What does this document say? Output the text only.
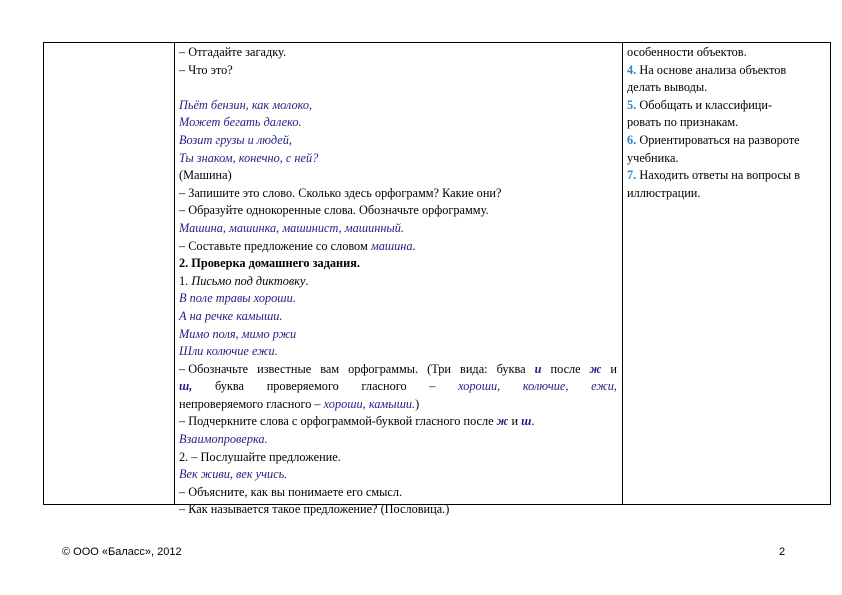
– Отгадайте загадку.
– Что это?
Пьёт бензин, как молоко,
Может бегать далеко.
Возит грузы и людей,
Ты знаком, конечно, с ней?
(Машина)
– Запишите это слово. Сколько здесь орфограмм? Какие они?
– Образуйте однокоренные слова. Обозначьте орфограмму.
Машина, машинка, машинист, машинный.
– Составьте предложение со словом машина.
2. Проверка домашнего задания.
1. Письмо под диктовку.
В поле травы хороши.
А на речке камыши.
Мимо поля, мимо ржи
Шли колючие ежи.
– Обозначьте известные вам орфограммы. (Три вида: буква и после ж и
ш, буква проверяемого гласного – хороши, колючие, ежи,
непроверяемого гласного – хороши, камыши.)
– Подчеркните слова с орфограммой-буквой гласного после ж и ш.
Взаимопроверка.
2. – Послушайте предложение.
Век живи, век учись.
– Объясните, как вы понимаете его смысл.
– Как называется такое предложение? (Пословица.)
особенности объектов.
4. На основе анализа объектов
делать выводы.
5. Обобщать и классифици-
ровать по признакам.
6. Ориентироваться на развороте
учебника.
7. Находить ответы на вопросы в
иллюстрации.
© ООО «Баласс», 2012	2
